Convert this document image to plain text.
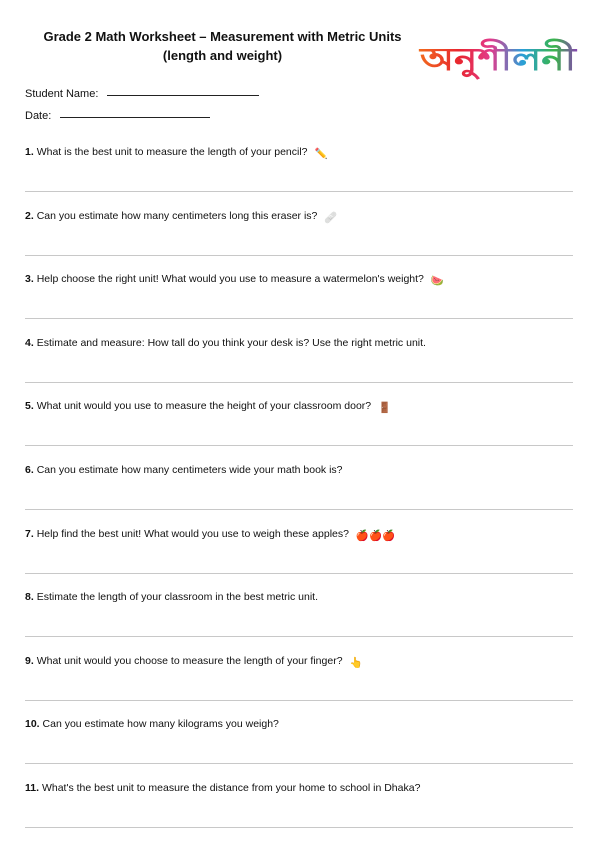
Grade 2 Math Worksheet – Measurement with Metric Units
(length and weight)	অনুশীলনী
Student Name:
Date:
1. What is the best unit to measure the length of your pencil? ✏️
2. Can you estimate how many centimeters long this eraser is? 🩹
3. Help choose the right unit! What would you use to measure a watermelon's weight? 🍉
4. Estimate and measure: How tall do you think your desk is? Use the right metric unit.
5. What unit would you use to measure the height of your classroom door? 🚪
6. Can you estimate how many centimeters wide your math book is?
7. Help find the best unit! What would you use to weigh these apples? 🍎🍎🍎
8. Estimate the length of your classroom in the best metric unit.
9. What unit would you choose to measure the length of your finger? 👆
10. Can you estimate how many kilograms you weigh?
11. What's the best unit to measure the distance from your home to school in Dhaka?
